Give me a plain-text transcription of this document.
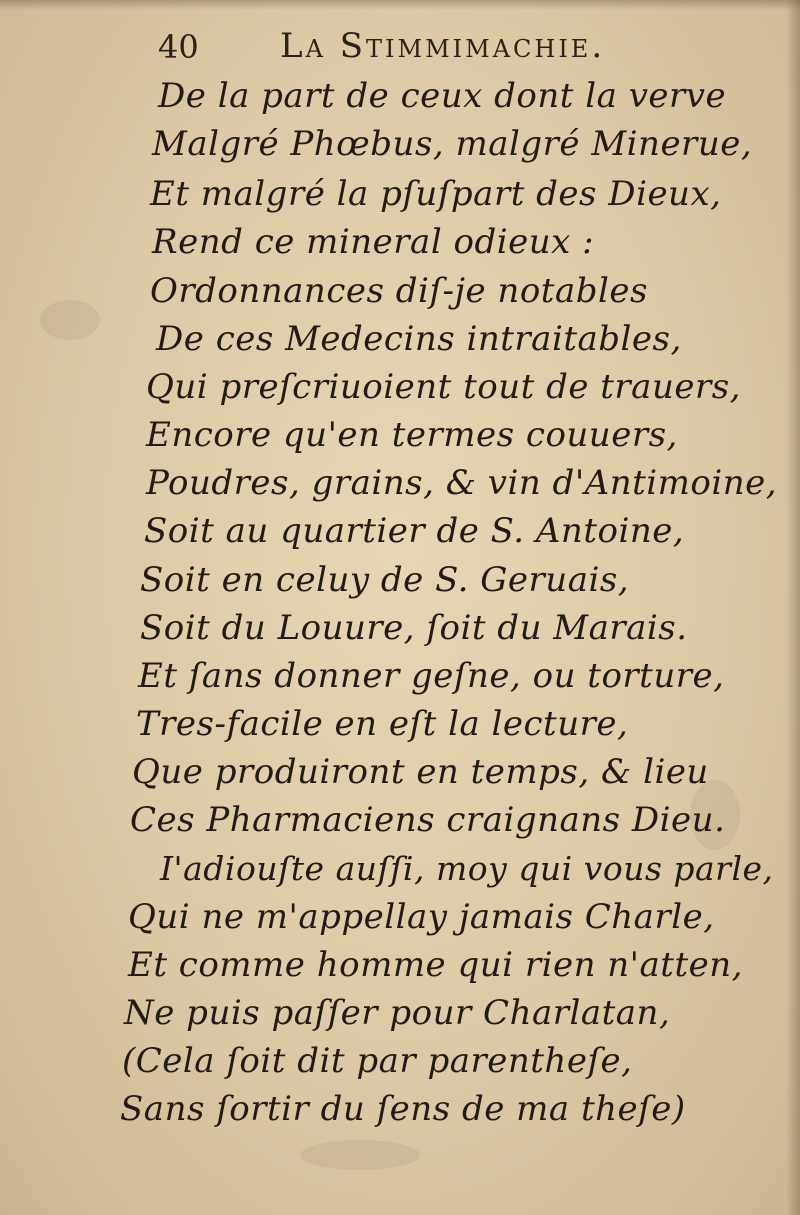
40 La Stimmimachie.
De la part de ceux dont la verve
Malgré Phœbus, malgré Minerue,
Et malgré la pſuſpart des Dieux,
Rend ce mineral odieux :
Ordonnances diſ-je notables
De ces Medecins intraitables,
Qui preſcriuoient tout de trauers,
Encore qu'en termes couuers,
Poudres, grains, & vin d'Antimoine,
Soit au quartier de S. Antoine,
Soit en celuy de S. Geruais,
Soit du Louure, ſoit du Marais.
Et ſans donner geſne, ou torture,
Tres-facile en eſt la lecture,
Que produiront en temps, & lieu
Ces Pharmaciens craignans Dieu.
I'adiouſte auſſi, moy qui vous parle,
Qui ne m'appellay jamais Charle,
Et comme homme qui rien n'atten,
Ne puis paſſer pour Charlatan,
(Cela ſoit dit par parentheſe,
Sans ſortir du ſens de ma theſe)
